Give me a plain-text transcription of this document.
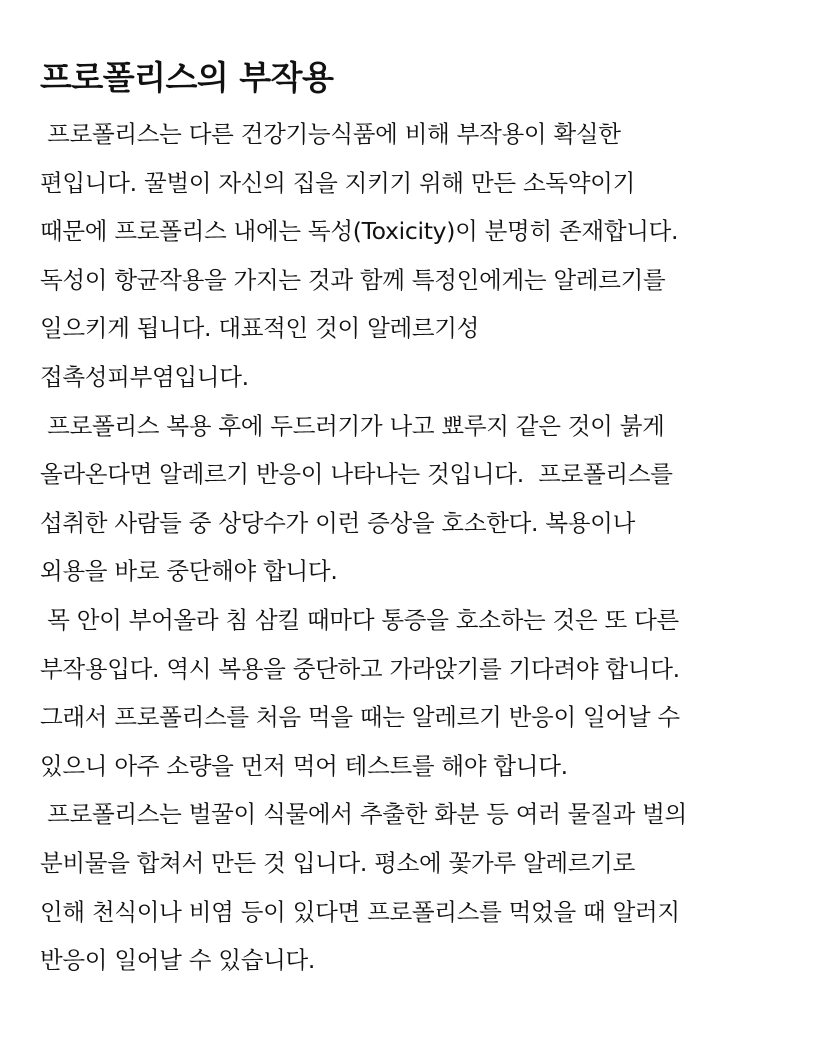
프로폴리스의 부작용
프로폴리스는 다른 건강기능식품에 비해 부작용이 확실한
편입니다. 꿀벌이 자신의 집을 지키기 위해 만든 소독약이기
때문에 프로폴리스 내에는 독성(Toxicity)이 분명히 존재합니다.
독성이 항균작용을 가지는 것과 함께 특정인에게는 알레르기를
일으키게 됩니다. 대표적인 것이 알레르기성
접촉성피부염입니다.
프로폴리스 복용 후에 두드러기가 나고 뾰루지 같은 것이 붉게
올라온다면 알레르기 반응이 나타나는 것입니다.  프로폴리스를
섭취한 사람들 중 상당수가 이런 증상을 호소한다. 복용이나
외용을 바로 중단해야 합니다.
목 안이 부어올라 침 삼킬 때마다 통증을 호소하는 것은 또 다른
부작용입다. 역시 복용을 중단하고 가라앉기를 기다려야 합니다.
그래서 프로폴리스를 처음 먹을 때는 알레르기 반응이 일어날 수
있으니 아주 소량을 먼저 먹어 테스트를 해야 합니다.
프로폴리스는 벌꿀이 식물에서 추출한 화분 등 여러 물질과 벌의
분비물을 합쳐서 만든 것 입니다. 평소에 꽃가루 알레르기로
인해 천식이나 비염 등이 있다면 프로폴리스를 먹었을 때 알러지
반응이 일어날 수 있습니다.
